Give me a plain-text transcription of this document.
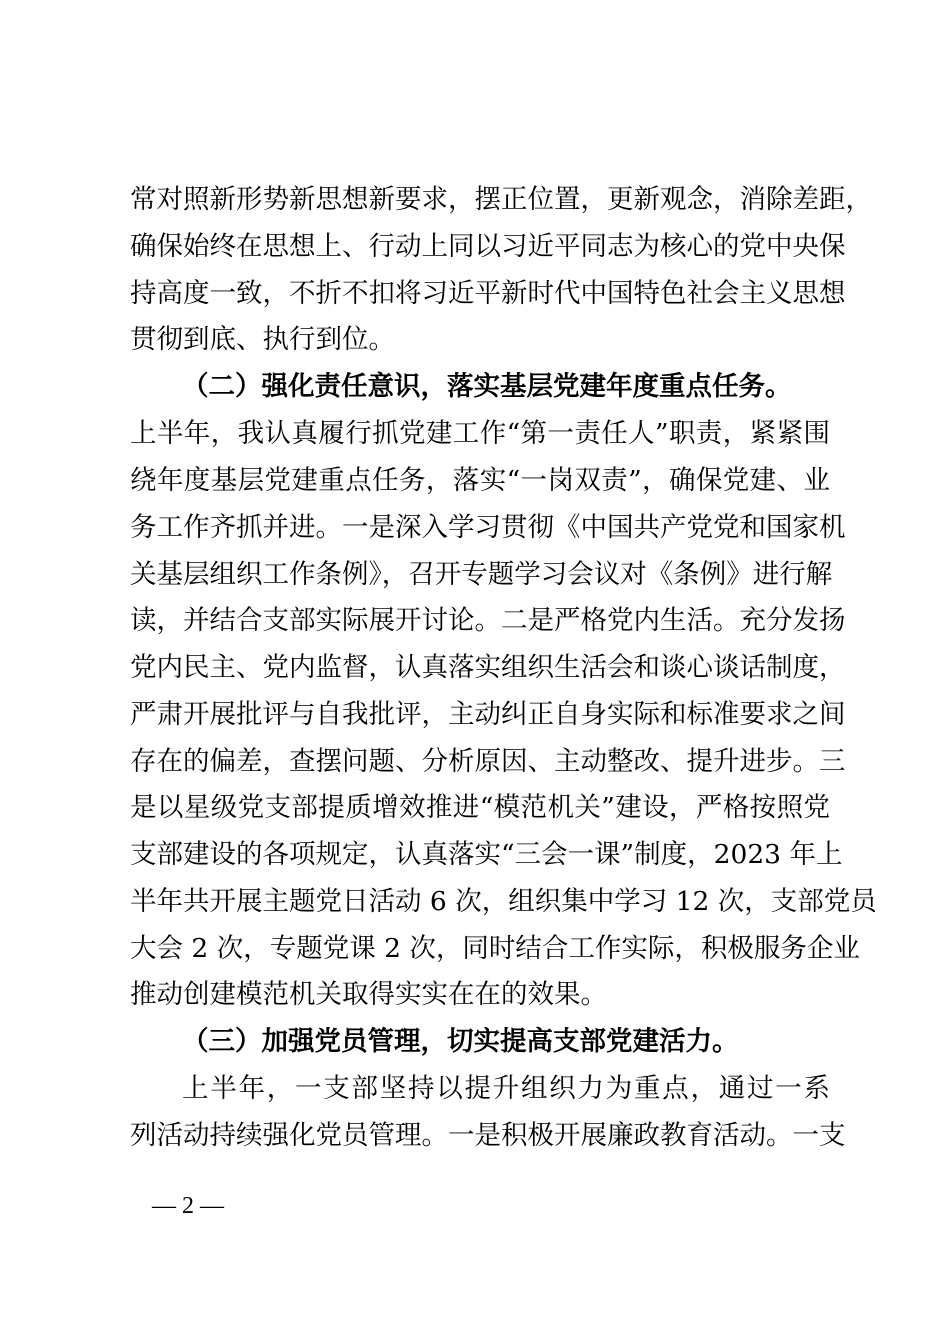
常对照新形势新思想新要求，摆正位置，更新观念，消除差距，
确保始终在思想上、行动上同以习近平同志为核心的党中央保
持高度一致，不折不扣将习近平新时代中国特色社会主义思想
贯彻到底、执行到位。
（二）强化责任意识，落实基层党建年度重点任务。
上半年，我认真履行抓党建工作“第一责任人”职责，紧紧围
绕年度基层党建重点任务，落实“一岗双责”，确保党建、业
务工作齐抓并进。一是深入学习贯彻《中国共产党党和国家机
关基层组织工作条例》，召开专题学习会议对《条例》进行解
读，并结合支部实际展开讨论。二是严格党内生活。充分发扬
党内民主、党内监督，认真落实组织生活会和谈心谈话制度，
严肃开展批评与自我批评，主动纠正自身实际和标准要求之间
存在的偏差，查摆问题、分析原因、主动整改、提升进步。三
是以星级党支部提质增效推进“模范机关”建设，严格按照党
支部建设的各项规定，认真落实“三会一课”制度，2023 年上
半年共开展主题党日活动 6 次，组织集中学习 12 次，支部党员
大会 2 次，专题党课 2 次，同时结合工作实际，积极服务企业
推动创建模范机关取得实实在在的效果。
（三）加强党员管理，切实提高支部党建活力。
上半年，一支部坚持以提升组织力为重点，通过一系
列活动持续强化党员管理。一是积极开展廉政教育活动。一支
— 2 —
